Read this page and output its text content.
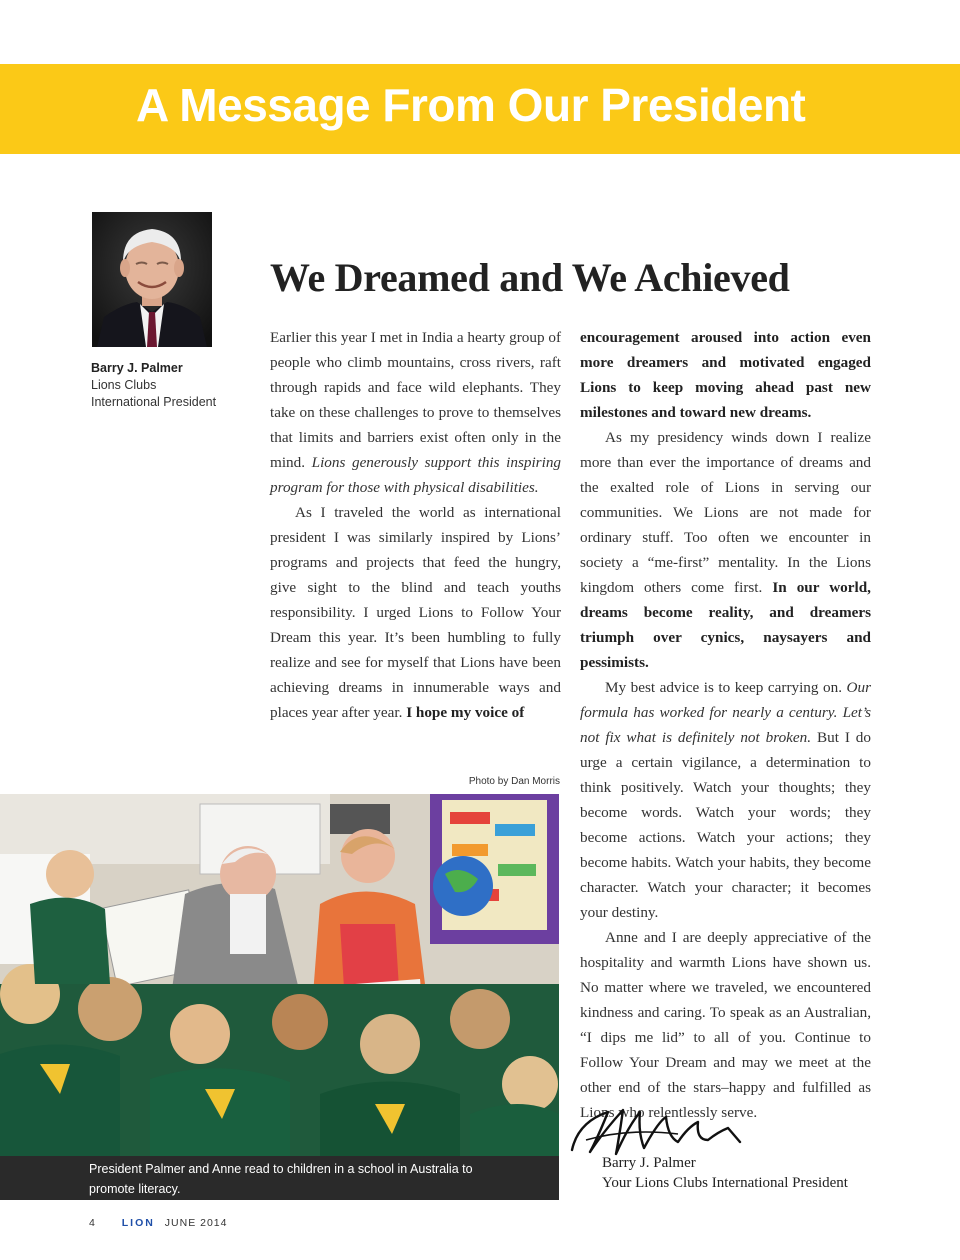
A Message From Our President
Barry J. Palmer
Lions Clubs
International President
We Dreamed and We Achieved

Earlier this year I met in India a hearty group of people who climb mountains, cross rivers, raft through rapids and face wild elephants. They take on these challenges to prove to themselves that limits and barriers exist often only in the mind. Lions generously support this inspiring program for those with physical disabilities.

As I traveled the world as international president I was similarly inspired by Lions’ programs and projects that feed the hungry, give sight to the blind and teach youths responsibility. I urged Lions to Follow Your Dream this year. It’s been humbling to fully realize and see for myself that Lions have been achieving dreams in innumerable ways and places year after year. I hope my voice of

encouragement aroused into action even more dreamers and motivated engaged Lions to keep moving ahead past new milestones and toward new dreams.

As my presidency winds down I realize more than ever the importance of dreams and the exalted role of Lions in serving our communities. We Lions are not made for ordinary stuff. Too often we encounter in society a “me-first” mentality. In the Lions kingdom others come first. In our world, dreams become reality, and dreamers triumph over cynics, naysayers and pessimists.

My best advice is to keep carrying on. Our formula has worked for nearly a century. Let’s not fix what is definitely not broken. But I do urge a certain vigilance, a determination to think positively. Watch your thoughts; they become words. Watch your words; they become actions. Watch your actions; they become habits. Watch your habits, they become character. Watch your character; it becomes your destiny.

Anne and I are deeply appreciative of the hospitality and warmth Lions have shown us. No matter where we traveled, we encountered kindness and caring. To speak as an Australian, “I dips me lid” to all of you. Continue to Follow Your Dream and may we meet at the other end of the stars–happy and fulfilled as Lions who relentlessly serve.

Photo by Dan Morris
President Palmer and Anne read to children in a school in Australia to promote literacy.
Barry J. Palmer
Your Lions Clubs International President
4 LION JUNE 2014
